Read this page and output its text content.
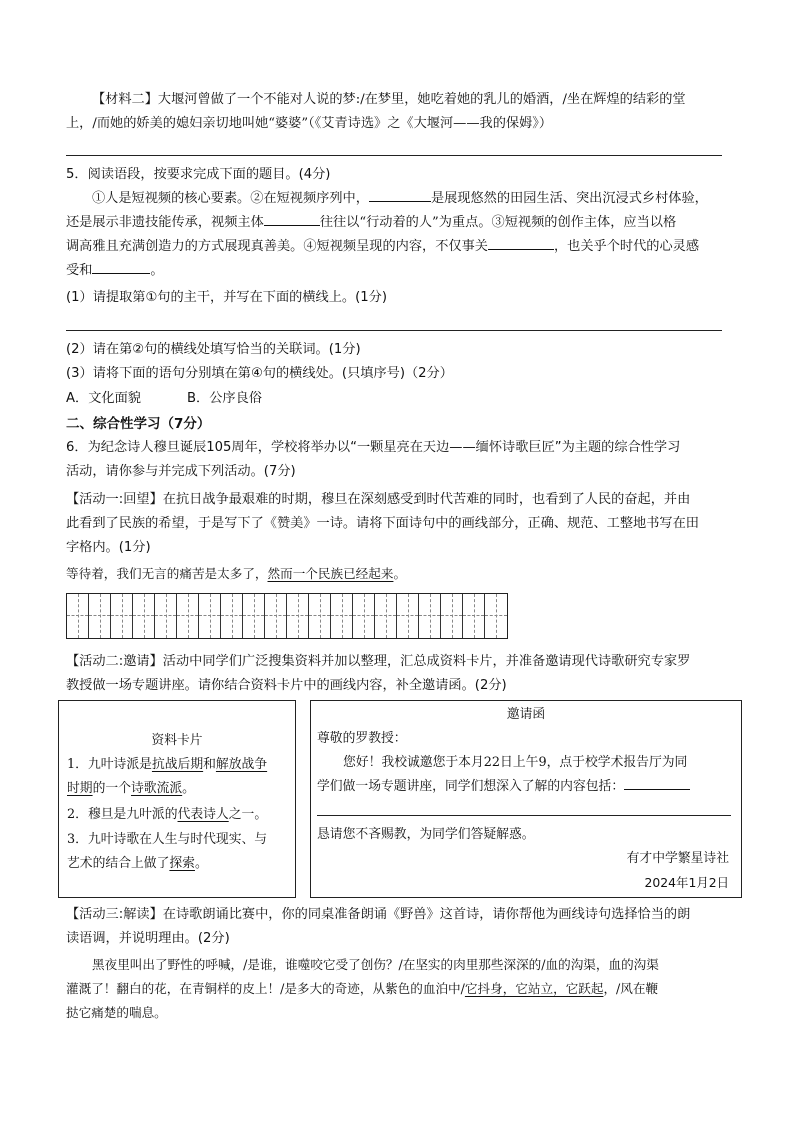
【材料二】大堰河曾做了一个不能对人说的梦:/在梦里，她吃着她的乳儿的婚酒，/坐在辉煌的结彩的堂
上，/而她的娇美的媳妇亲切地叫她“婆婆”（《艾青诗选》之《大堰河——我的保姆》）
5．阅读语段，按要求完成下面的题目。(4分)
①人是短视频的核心要素。②在短视频序列中，	是展现悠然的田园生活、突出沉浸式乡村体验，
还是展示非遗技能传承，视频主体	往往以“行动着的人”为重点。③短视频的创作主体，应当以格
调高雅且充满创造力的方式展现真善美。④短视频呈现的内容，不仅事关	，也关乎个时代的心灵感
受和	。
(1）请提取第①句的主干，并写在下面的横线上。(1分)
(2）请在第②句的横线处填写恰当的关联词。(1分)
(3）请将下面的语句分别填在第④句的横线处。(只填序号)（2分）
A．文化面貌	B．公序良俗
二、综合性学习（7分）
6．为纪念诗人穆旦诞辰105周年，学校将举办以“一颗星亮在天边——缅怀诗歌巨匠”为主题的综合性学习
活动，请你参与并完成下列活动。(7分)
【活动一:回望】在抗日战争最艰难的时期，穆旦在深刻感受到时代苦难的同时，也看到了人民的奋起，并由
此看到了民族的希望，于是写下了《赞美》一诗。请将下面诗句中的画线部分，正确、规范、工整地书写在田
字格内。(1分)
等待着，我们无言的痛苦是太多了，然而一个民族已经起来。
【活动二:邀请】活动中同学们广泛搜集资料并加以整理，汇总成资料卡片，并准备邀请现代诗歌研究专家罗
教授做一场专题讲座。请你结合资料卡片中的画线内容，补全邀请函。(2分)
资料卡片
1．九叶诗派是抗战后期和解放战争
时期的一个诗歌流派。
2．穆旦是九叶派的代表诗人之一。
3．九叶诗歌在人生与时代现实、与
艺术的结合上做了探索。
邀请函
尊敬的罗教授：
您好！我校诚邀您于本月22日上午9，点于校学术报告厅为同
学们做一场专题讲座，同学们想深入了解的内容包括：
恳请您不吝赐教，为同学们答疑解惑。
有才中学繁星诗社
2024年1月2日
【活动三:解读】在诗歌朗诵比赛中，你的同桌准备朗诵《野兽》这首诗，请你帮他为画线诗句选择恰当的朗
读语调，并说明理由。(2分)
黑夜里叫出了野性的呼喊，/是谁，谁噬咬它受了创伤？/在坚实的肉里那些深深的/血的沟渠，血的沟渠
灌溉了！翻白的花，在青铜样的皮上！/是多大的奇迹，从紫色的血泊中/它抖身，它站立，它跃起，/风在鞭
挞它痛楚的喘息。
